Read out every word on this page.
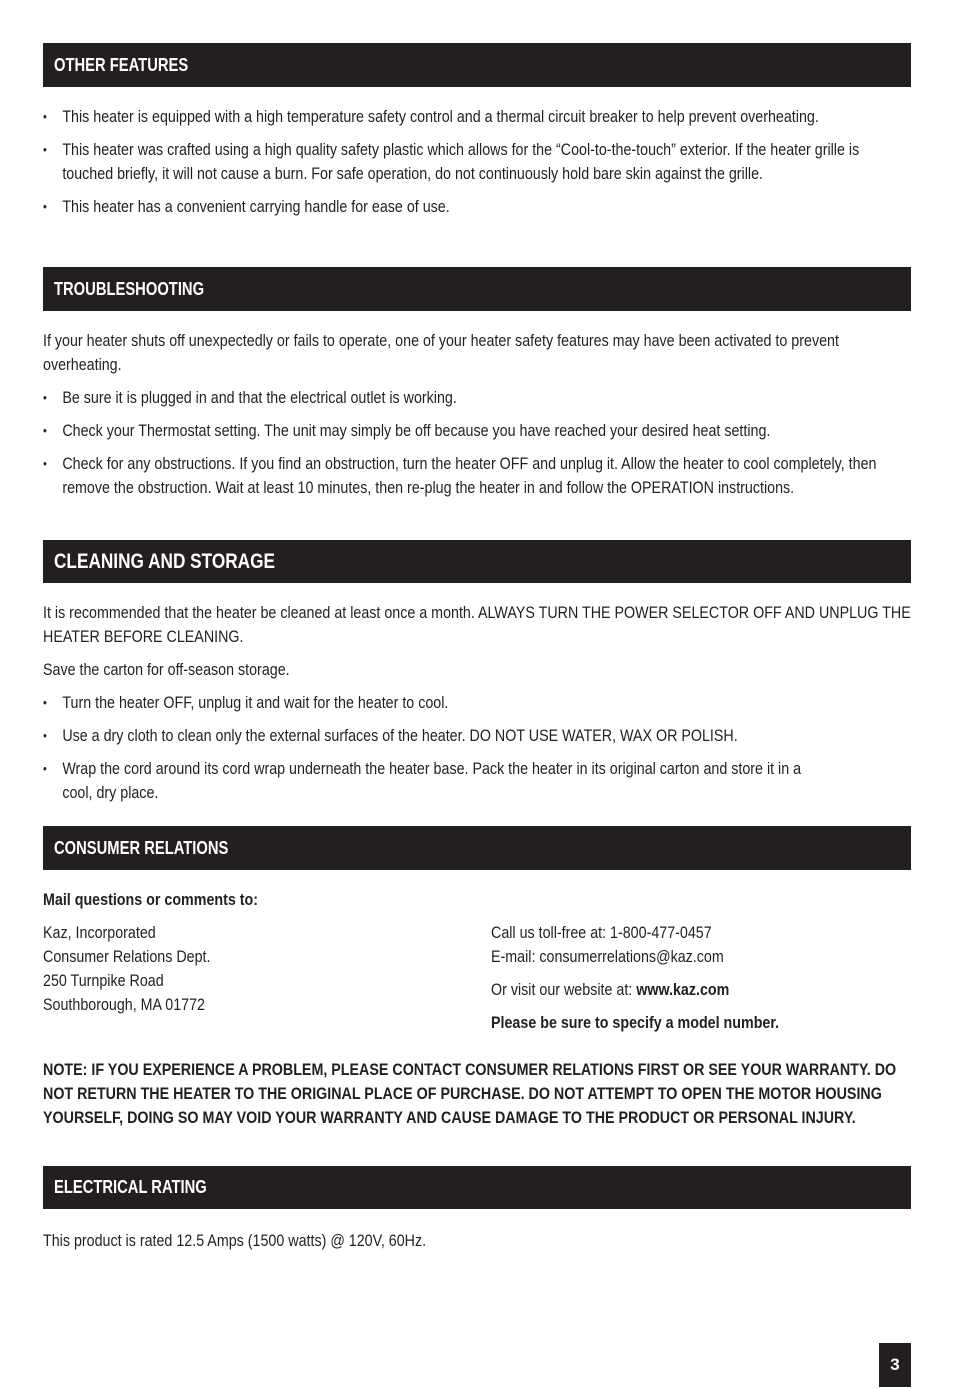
OTHER FEATURES
• This heater is equipped with a high temperature safety control and a thermal circuit breaker to help prevent overheating.
• This heater was crafted using a high quality safety plastic which allows for the “Cool-to-the-touch” exterior. If the heater grille is touched briefly, it will not cause a burn. For safe operation, do not continuously hold bare skin against the grille.
• This heater has a convenient carrying handle for ease of use.
TROUBLESHOOTING

If your heater shuts off unexpectedly or fails to operate, one of your heater safety features may have been activated to prevent overheating.

• Be sure it is plugged in and that the electrical outlet is working.
• Check your Thermostat setting. The unit may simply be off because you have reached your desired heat setting.
• Check for any obstructions. If you find an obstruction, turn the heater OFF and unplug it. Allow the heater to cool completely, then remove the obstruction. Wait at least 10 minutes, then re-plug the heater in and follow the OPERATION instructions.
CLEANING AND STORAGE

It is recommended that the heater be cleaned at least once a month. ALWAYS TURN THE POWER SELECTOR OFF AND UNPLUG THE HEATER BEFORE CLEANING.

Save the carton for off-season storage.

• Turn the heater OFF, unplug it and wait for the heater to cool.
• Use a dry cloth to clean only the external surfaces of the heater. DO NOT USE WATER, WAX OR POLISH.
• Wrap the cord around its cord wrap underneath the heater base. Pack the heater in its original carton and store it in a cool, dry place.
CONSUMER RELATIONS
Mail questions or comments to:
Kaz, Incorporated
Consumer Relations Dept.
250 Turnpike Road
Southborough, MA 01772
Call us toll-free at: 1-800-477-0457
E-mail: consumerrelations@kaz.com
Or visit our website at: www.kaz.com
Please be sure to specify a model number.
NOTE: IF YOU EXPERIENCE A PROBLEM, PLEASE CONTACT CONSUMER RELATIONS FIRST OR SEE YOUR WARRANTY. DO NOT RETURN THE HEATER TO THE ORIGINAL PLACE OF PURCHASE. DO NOT ATTEMPT TO OPEN THE MOTOR HOUSING YOURSELF, DOING SO MAY VOID YOUR WARRANTY AND CAUSE DAMAGE TO THE PRODUCT OR PERSONAL INJURY.
ELECTRICAL RATING
This product is rated 12.5 Amps (1500 watts) @ 120V, 60Hz.
3
